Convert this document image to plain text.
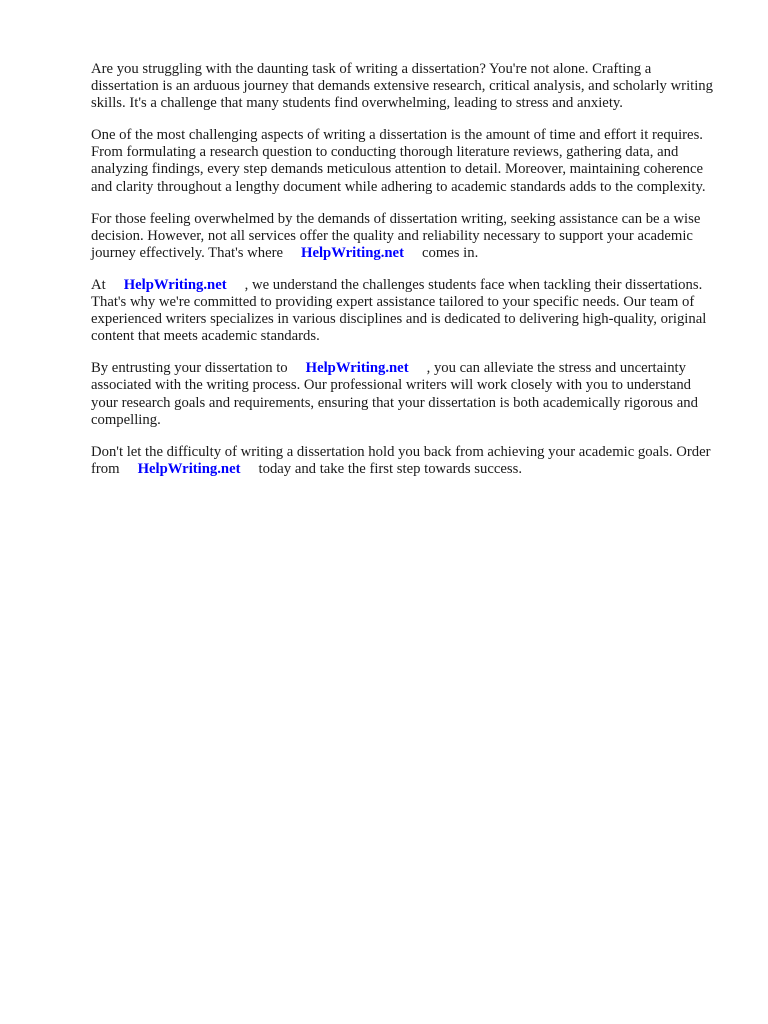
Are you struggling with the daunting task of writing a dissertation? You're not alone. Crafting a dissertation is an arduous journey that demands extensive research, critical analysis, and scholarly writing skills. It's a challenge that many students find overwhelming, leading to stress and anxiety.

One of the most challenging aspects of writing a dissertation is the amount of time and effort it requires. From formulating a research question to conducting thorough literature reviews, gathering data, and analyzing findings, every step demands meticulous attention to detail. Moreover, maintaining coherence and clarity throughout a lengthy document while adhering to academic standards adds to the complexity.

For those feeling overwhelmed by the demands of dissertation writing, seeking assistance can be a wise decision. However, not all services offer the quality and reliability necessary to support your academic journey effectively. That's where HelpWriting.net comes in.

At HelpWriting.net , we understand the challenges students face when tackling their dissertations. That's why we're committed to providing expert assistance tailored to your specific needs. Our team of experienced writers specializes in various disciplines and is dedicated to delivering high-quality, original content that meets academic standards.

By entrusting your dissertation to HelpWriting.net , you can alleviate the stress and uncertainty associated with the writing process. Our professional writers will work closely with you to understand your research goals and requirements, ensuring that your dissertation is both academically rigorous and compelling.

Don't let the difficulty of writing a dissertation hold you back from achieving your academic goals. Order from HelpWriting.net today and take the first step towards success.
